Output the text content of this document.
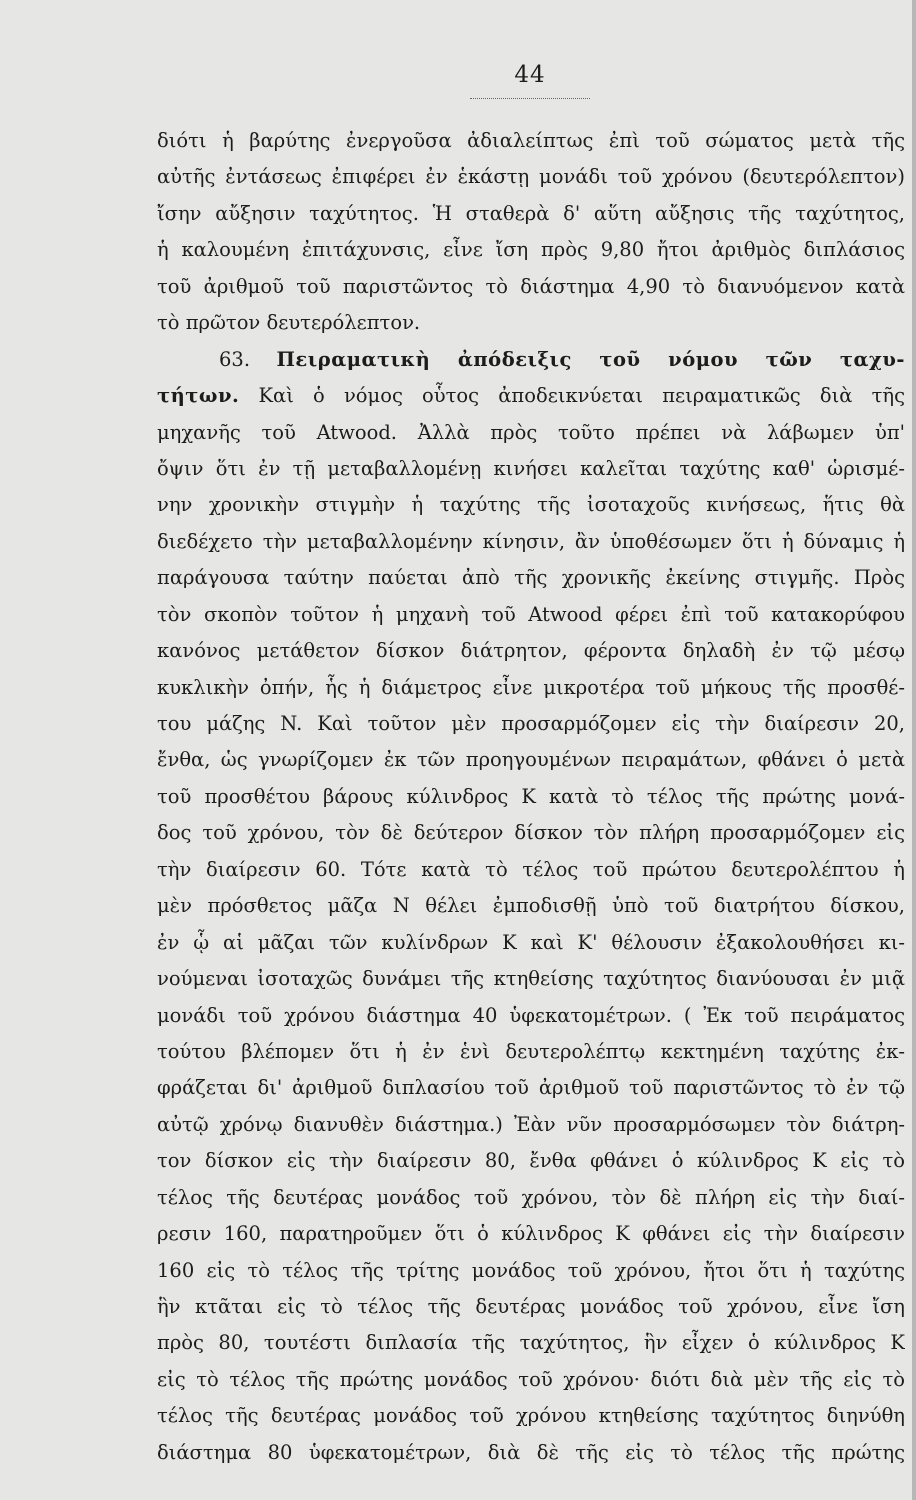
44
διότι ἡ βαρύτης ἐνεργοῦσα ἀδιαλείπτως ἐπὶ τοῦ σώματος μετὰ τῆς
αὐτῆς ἐντάσεως ἐπιφέρει ἐν ἑκάστῃ μονάδι τοῦ χρόνου (δευτερόλεπτον)
ἴσην αὔξησιν ταχύτητος. Ἡ σταθερὰ δ' αὕτη αὔξησις τῆς ταχύτητος,
ἡ καλουμένη ἐπιτάχυνσις, εἶνε ἴση πρὸς 9,80 ἤτοι ἀριθμὸς διπλάσιος
τοῦ ἀριθμοῦ τοῦ παριστῶντος τὸ διάστημα 4,90 τὸ διανυόμενον κατὰ
τὸ πρῶτον δευτερόλεπτον.
63. Πειραματικὴ ἀπόδειξις τοῦ νόμου τῶν ταχυ-
τήτων. Καὶ ὁ νόμος οὗτος ἀποδεικνύεται πειραματικῶς διὰ τῆς
μηχανῆς τοῦ Atwood. Ἀλλὰ πρὸς τοῦτο πρέπει νὰ λάβωμεν ὑπ'
ὄψιν ὅτι ἐν τῇ μεταβαλλομένῃ κινήσει καλεῖται ταχύτης καθ' ὡρισμέ-
νην χρονικὴν στιγμὴν ἡ ταχύτης τῆς ἰσοταχοῦς κινήσεως, ἥτις θὰ
διεδέχετο τὴν μεταβαλλομένην κίνησιν, ἂν ὑποθέσωμεν ὅτι ἡ δύναμις ἡ
παράγουσα ταύτην παύεται ἀπὸ τῆς χρονικῆς ἐκείνης στιγμῆς. Πρὸς
τὸν σκοπὸν τοῦτον ἡ μηχανὴ τοῦ Atwood φέρει ἐπὶ τοῦ κατακορύφου
κανόνος μετάθετον δίσκον διάτρητον, φέροντα δηλαδὴ ἐν τῷ μέσῳ
κυκλικὴν ὀπήν, ἧς ἡ διάμετρος εἶνε μικροτέρα τοῦ μήκους τῆς προσθέ-
του μάζης N. Καὶ τοῦτον μὲν προσαρμόζομεν εἰς τὴν διαίρεσιν 20,
ἔνθα, ὡς γνωρίζομεν ἐκ τῶν προηγουμένων πειραμάτων, φθάνει ὁ μετὰ
τοῦ προσθέτου βάρους κύλινδρος K κατὰ τὸ τέλος τῆς πρώτης μονά-
δος τοῦ χρόνου, τὸν δὲ δεύτερον δίσκον τὸν πλήρη προσαρμόζομεν εἰς
τὴν διαίρεσιν 60. Τότε κατὰ τὸ τέλος τοῦ πρώτου δευτερολέπτου ἡ
μὲν πρόσθετος μᾶζα N θέλει ἐμποδισθῇ ὑπὸ τοῦ διατρήτου δίσκου,
ἐν ᾧ αἱ μᾶζαι τῶν κυλίνδρων K καὶ K' θέλουσιν ἐξακολουθήσει κι-
νούμεναι ἰσοταχῶς δυνάμει τῆς κτηθείσης ταχύτητος διανύουσαι ἐν μιᾷ
μονάδι τοῦ χρόνου διάστημα 40 ὑφεκατομέτρων. ( Ἐκ τοῦ πειράματος
τούτου βλέπομεν ὅτι ἡ ἐν ἑνὶ δευτερολέπτῳ κεκτημένη ταχύτης ἐκ-
φράζεται δι' ἀριθμοῦ διπλασίου τοῦ ἀριθμοῦ τοῦ παριστῶντος τὸ ἐν τῷ
αὐτῷ χρόνῳ διανυθὲν διάστημα.) Ἐὰν νῦν προσαρμόσωμεν τὸν διάτρη-
τον δίσκον εἰς τὴν διαίρεσιν 80, ἔνθα φθάνει ὁ κύλινδρος K εἰς τὸ
τέλος τῆς δευτέρας μονάδος τοῦ χρόνου, τὸν δὲ πλήρη εἰς τὴν διαί-
ρεσιν 160, παρατηροῦμεν ὅτι ὁ κύλινδρος K φθάνει εἰς τὴν διαίρεσιν
160 εἰς τὸ τέλος τῆς τρίτης μονάδος τοῦ χρόνου, ἤτοι ὅτι ἡ ταχύτης
ἣν κτᾶται εἰς τὸ τέλος τῆς δευτέρας μονάδος τοῦ χρόνου, εἶνε ἴση
πρὸς 80, τουτέστι διπλασία τῆς ταχύτητος, ἣν εἶχεν ὁ κύλινδρος K
εἰς τὸ τέλος τῆς πρώτης μονάδος τοῦ χρόνου· διότι διὰ μὲν τῆς εἰς τὸ
τέλος τῆς δευτέρας μονάδος τοῦ χρόνου κτηθείσης ταχύτητος διηνύθη
διάστημα 80 ὑφεκατομέτρων, διὰ δὲ τῆς εἰς τὸ τέλος τῆς πρώτης
